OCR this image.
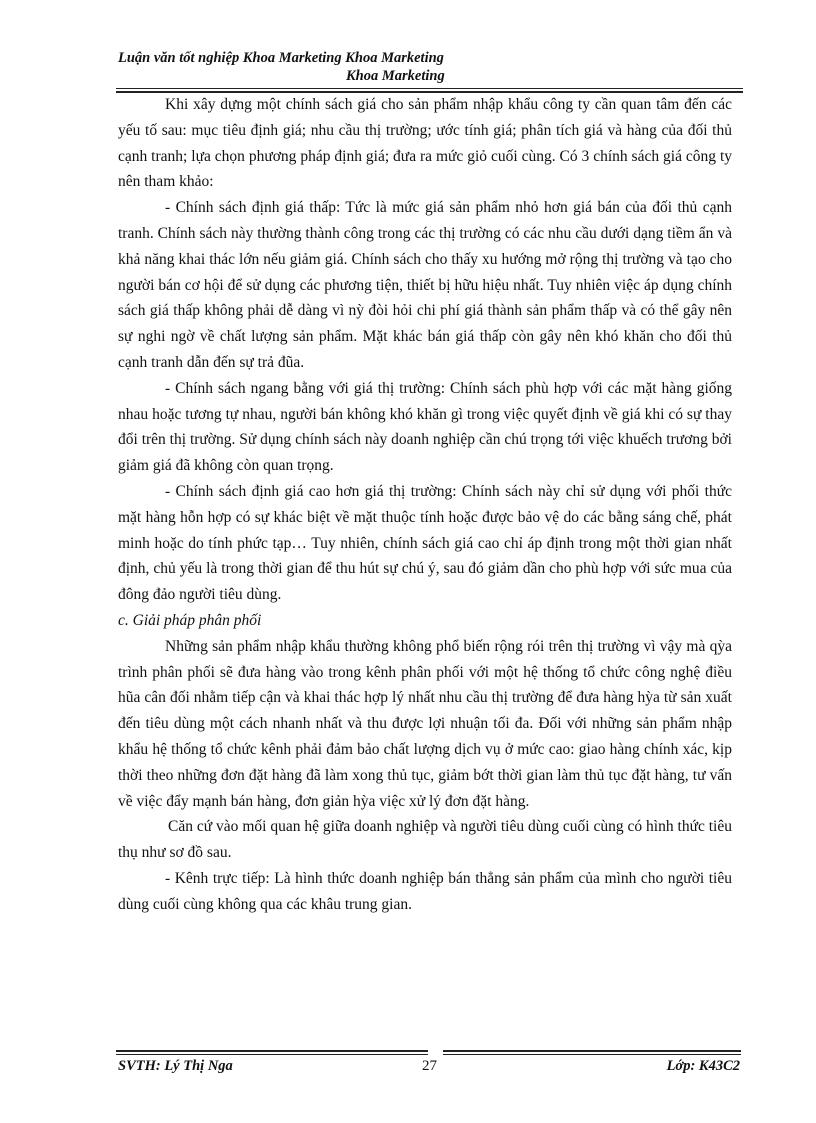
Luận văn tốt nghiệp Khoa Marketing Khoa Marketing
Khoa Marketing

Khi xây dựng một chính sách giá cho sản phẩm nhập khẩu công ty cần quan tâm đến các yếu tố sau: mục tiêu định giá; nhu cầu thị trường; ước tính giá; phân tích giá và hàng của đối thủ cạnh tranh; lựa chọn phương pháp định giá; đưa ra mức giỏ cuối cùng. Có 3 chính sách giá công ty nên tham khảo:

- Chính sách định giá thấp: Tức là mức giá sản phẩm nhỏ hơn giá bán của đối thủ cạnh tranh. Chính sách này thường thành công trong các thị trường có các nhu cầu dưới dạng tiềm ẩn và khả năng khai thác lớn nếu giảm giá. Chính sách cho thấy xu hướng mở rộng thị trường và tạo cho người bán cơ hội để sử dụng các phương tiện, thiết bị hữu hiệu nhất. Tuy nhiên việc áp dụng chính sách giá thấp không phải dễ dàng vì nỳ đòi hỏi chi phí giá thành sản phẩm thấp và có thể gây nên sự nghi ngờ về chất lượng sản phẩm. Mặt khác bán giá thấp còn gây nên khó khăn cho đối thủ cạnh tranh dẫn đến sự trả đũa.

- Chính sách ngang bằng với giá thị trường: Chính sách phù hợp với các mặt hàng giống nhau hoặc tương tự nhau, người bán không khó khăn gì trong việc quyết định về giá khi có sự thay đổi trên thị trường. Sử dụng chính sách này doanh nghiệp cần chú trọng tới việc khuếch trương bởi giảm giá đã không còn quan trọng.

- Chính sách định giá cao hơn giá thị trường: Chính sách này chỉ sử dụng với phối thức mặt hàng hỗn hợp có sự khác biệt về mặt thuộc tính hoặc được bảo vệ do các bằng sáng chế, phát minh hoặc do tính phức tạp… Tuy nhiên, chính sách giá cao chỉ áp định trong một thời gian nhất định, chủ yếu là trong thời gian để thu hút sự chú ý, sau đó giảm dần cho phù hợp với sức mua của đông đảo người tiêu dùng.

c. Giải pháp phân phối

Những sản phẩm nhập khẩu thường không phổ biến rộng rói trên thị trường vì vậy mà qỳa trình phân phối sẽ đưa hàng vào trong kênh phân phối với một hệ thống tổ chức công nghệ điều hũa cân đối nhằm tiếp cận và khai thác hợp lý nhất nhu cầu thị trường để đưa hàng hỳa từ sản xuất đến tiêu dùng một cách nhanh nhất và thu được lợi nhuận tối đa. Đối với những sản phẩm nhập khẩu hệ thống tổ chức kênh phải đảm bảo chất lượng dịch vụ ở mức cao: giao hàng chính xác, kịp thời theo những đơn đặt hàng đã làm xong thủ tục, giảm bớt thời gian làm thủ tục đặt hàng, tư vấn về việc đẩy mạnh bán hàng, đơn giản hỳa việc xử lý đơn đặt hàng.

Căn cứ vào mối quan hệ giữa doanh nghiệp và người tiêu dùng cuối cùng có hình thức tiêu thụ như sơ đồ sau.

- Kênh trực tiếp: Là hình thức doanh nghiệp bán thẳng sản phẩm của mình cho người tiêu dùng cuối cùng không qua các khâu trung gian.

SVTH: Lý Thị Nga	27	Lớp: K43C2
